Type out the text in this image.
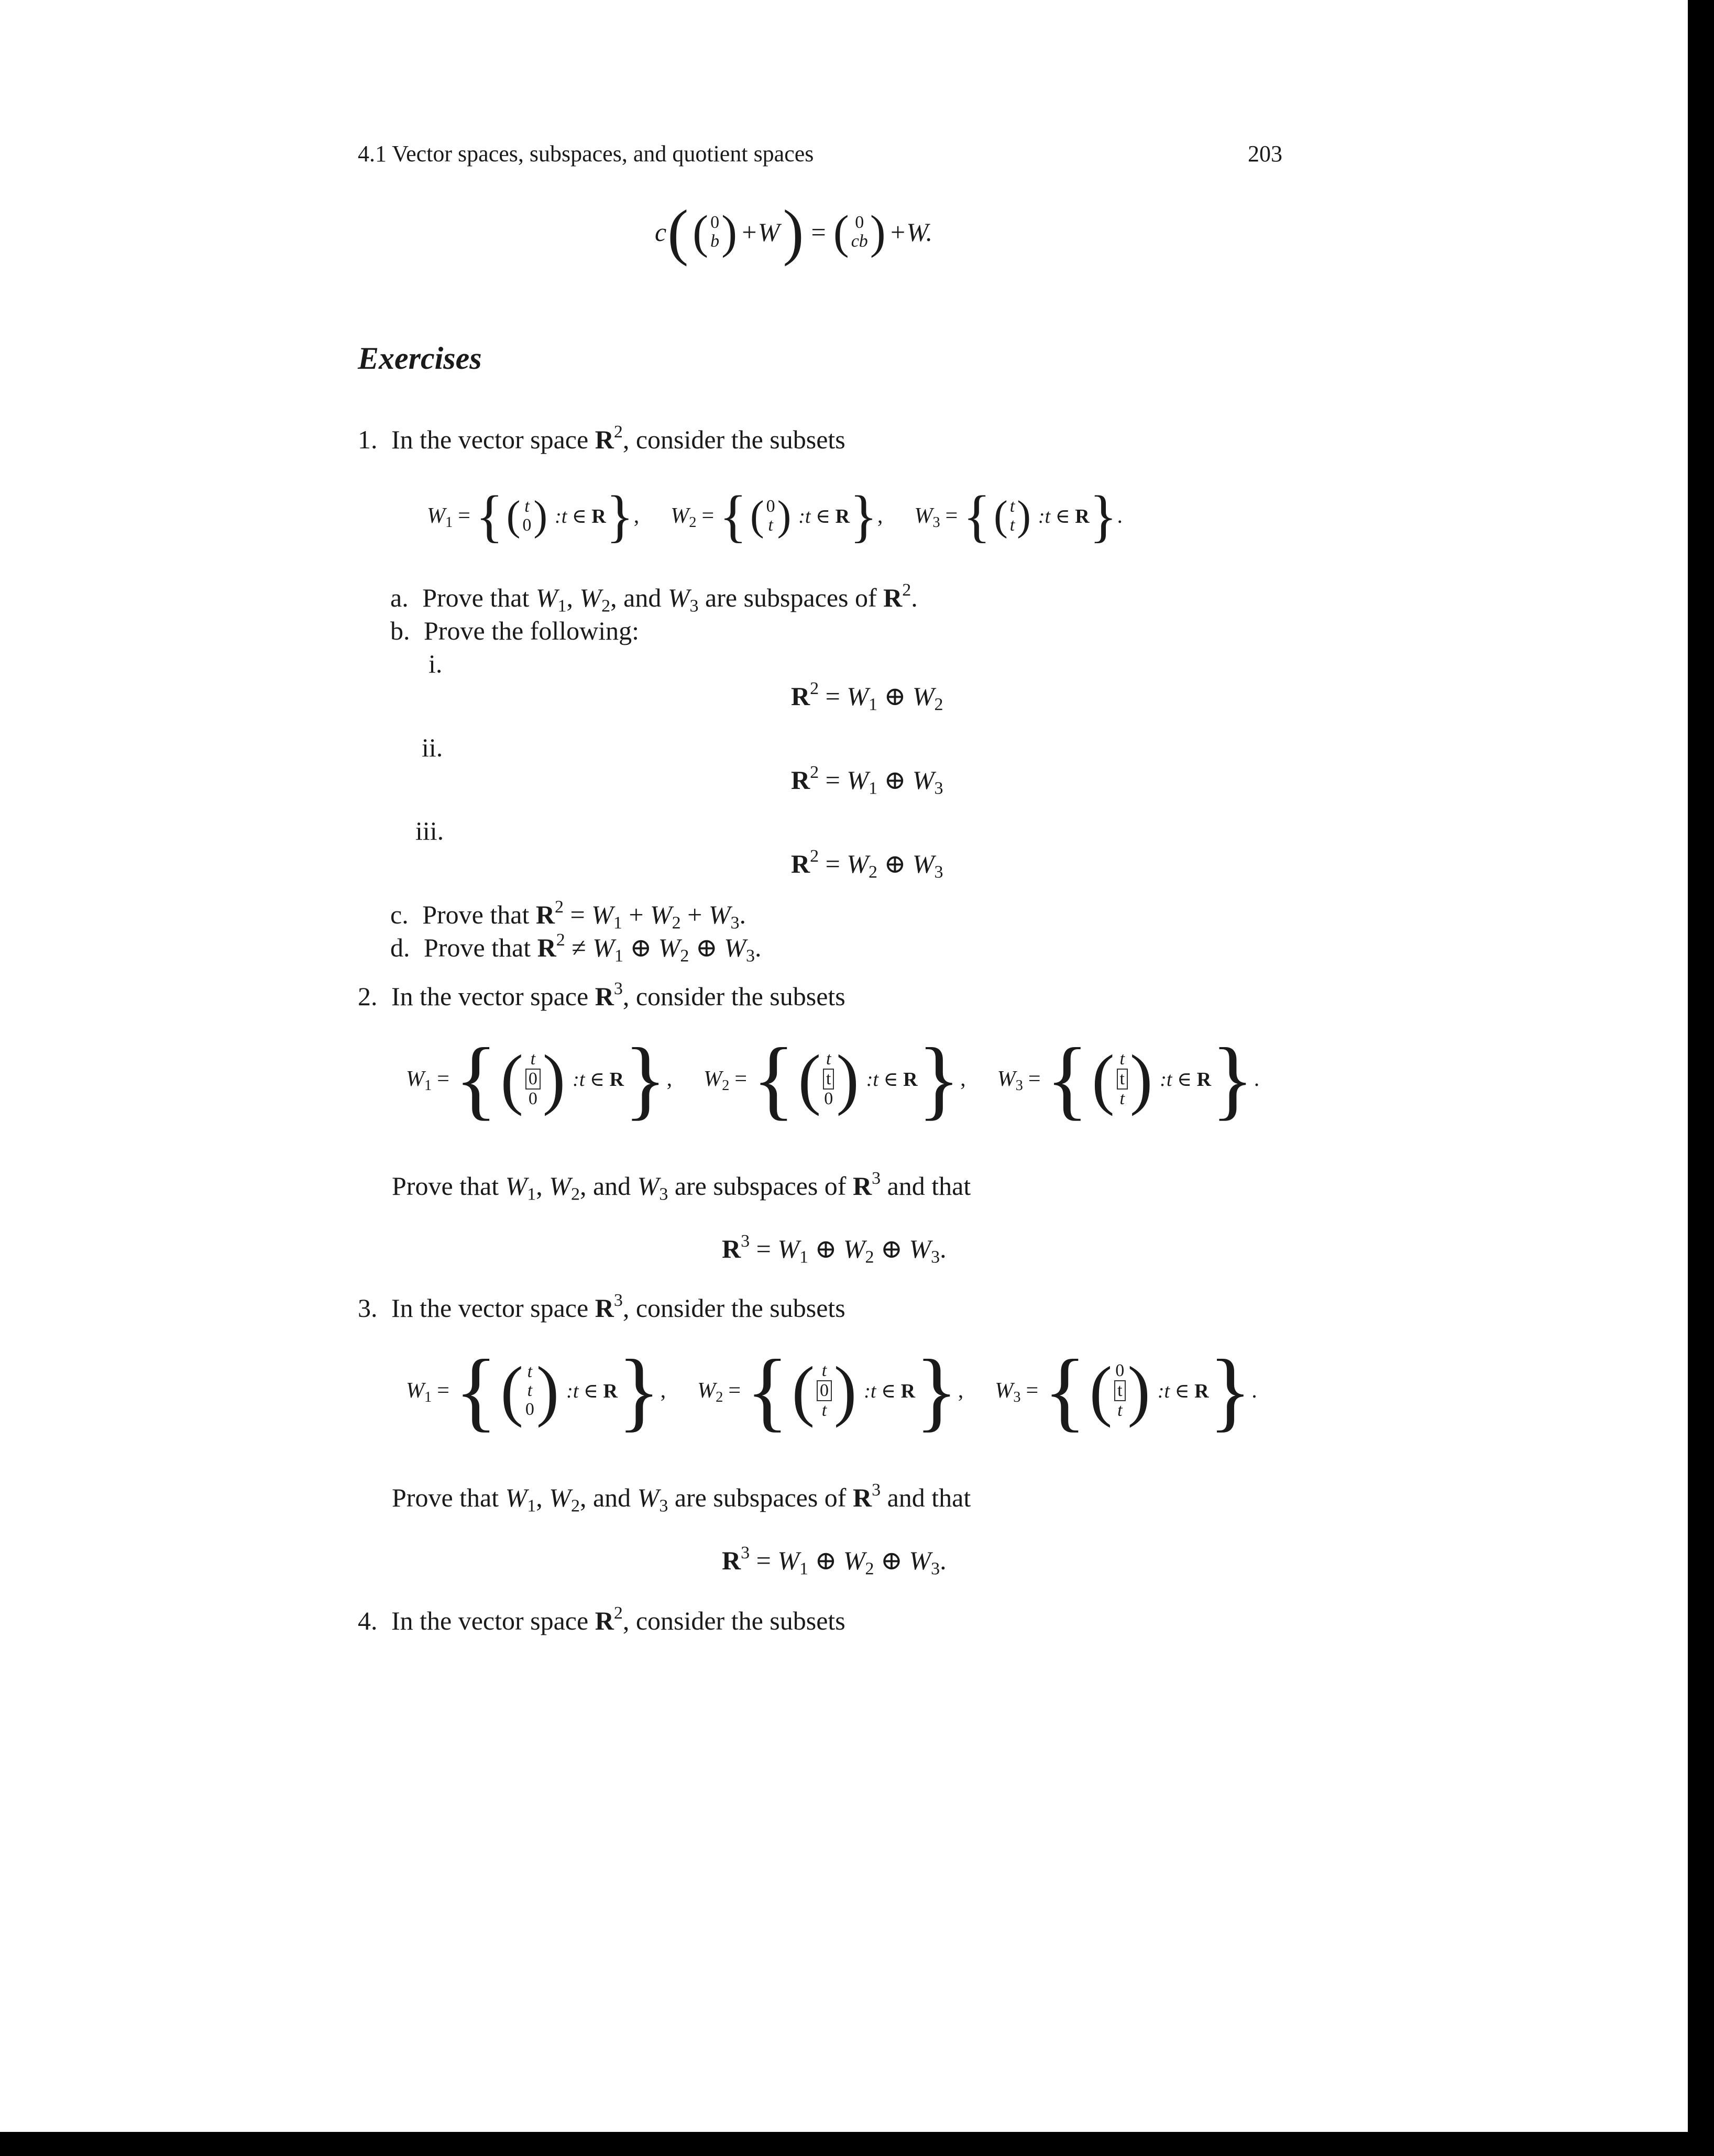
4.1 Vector spaces, subspaces, and quotient spaces	203
c ( ( 0
b ) +W ) = ( 0
cb ) +W.
Exercises
1. In the vector space $R^2$, consider the subsets
$W_1$ = { ( t
0 ) :t ∈ R } , $W_2$ = { ( 0
t ) :t ∈ R } , $W_3$ = { ( t
t ) :t ∈ R } .
a. Prove that $W_1$, $W_2$, and $W_3$ are subspaces of $R^2$.
b. Prove the following:
i.
$R^2 = W_1$ ⊕ $W_2$
ii.
$R^2 = W_1$ ⊕ $W_3$
iii.
$R^2 = W_2$ ⊕ $W_3$
c. Prove that $R^2 = W_1 + W_2 + W_3$.
d. Prove that $R^2 \ne W_1$ ⊕ $W_2$ ⊕ $W_3$.
2. In the vector space $R^3$, consider the subsets
$W_1$ = { ( t
0
0 ) :t ∈ R } , $W_2$ = { ( t
t
0 ) :t ∈ R } , $W_3$ = { ( t
t
t ) :t ∈ R } .
Prove that $W_1$, $W_2$, and $W_3$ are subspaces of $R^3$ and that
$R^3 = W_1$ ⊕ $W_2$ ⊕ $W_3$.
3. In the vector space $R^3$, consider the subsets
$W_1$ = { ( t
t
0 ) :t ∈ R } , $W_2$ = { ( t
0
t ) :t ∈ R } , $W_3$ = { ( 0
t
t ) :t ∈ R } .
Prove that $W_1$, $W_2$, and $W_3$ are subspaces of $R^3$ and that
$R^3 = W_1$ ⊕ $W_2$ ⊕ $W_3$.
4. In the vector space $R^2$, consider the subsets
